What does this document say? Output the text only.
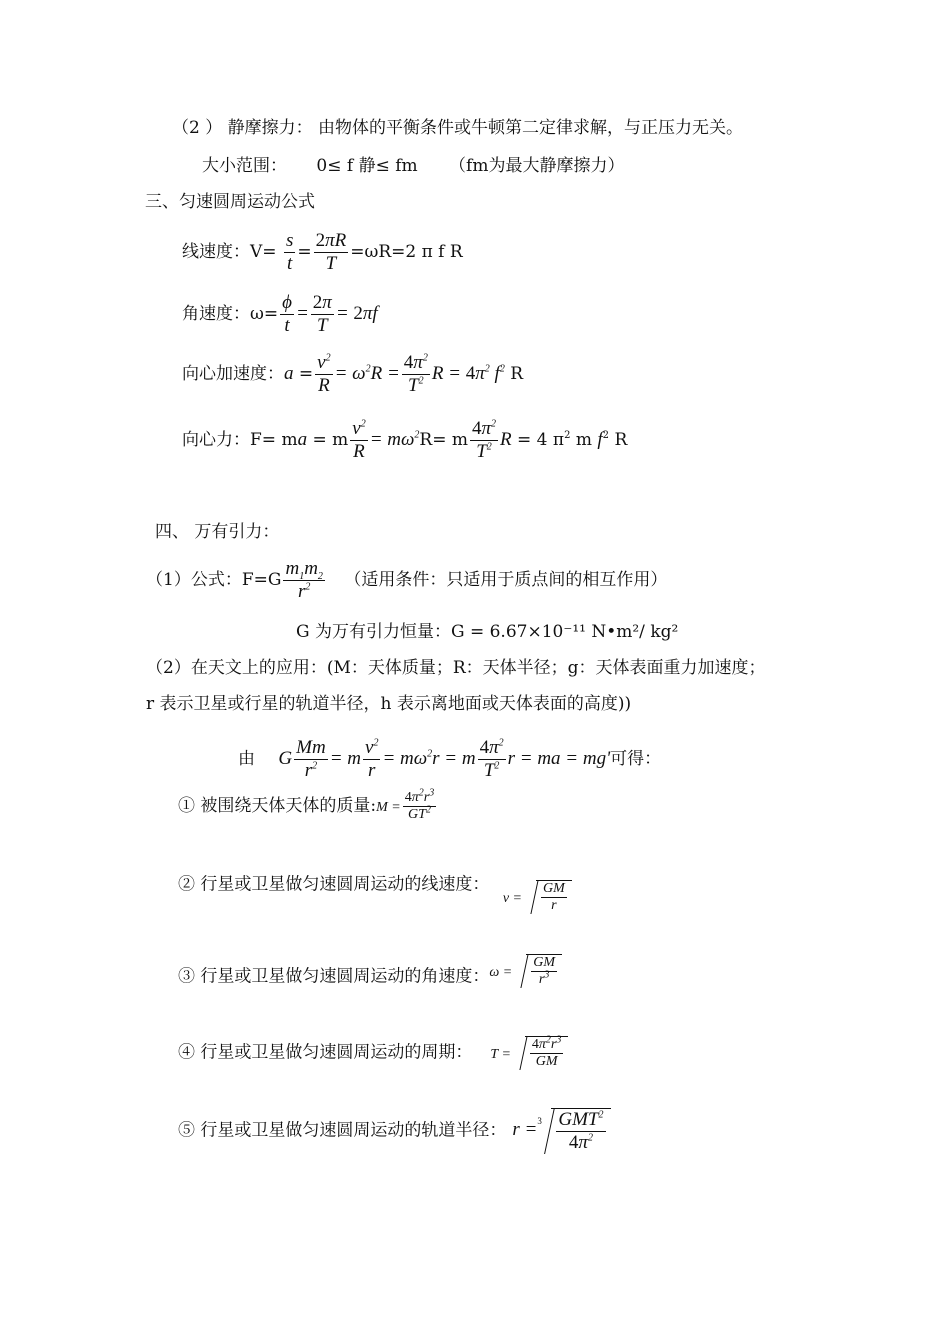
（2 ） 静摩擦力： 由物体的平衡条件或牛顿第二定律求解，与正压力无关。
大小范围： 0≤ f 静≤ fm （fm为最大静摩擦力）
三、匀速圆周运动公式
线速度：$V= \frac{s}{t} = \frac{2\pi R}{T} =\omega R=2$ π f R
角速度：$\omega= \frac{\phi}{t} = \frac{2\pi}{T} = 2\pi f$
向心加速度：$a = \frac{v^2}{R} = \omega^2R = \frac{4\pi^2}{T^2}$ $R = 4\pi^2$ $f^2$ R
向心力：F= ma = m $\frac{v^2}{R} = m\omega^2R= m \frac{4\pi^2}{T^2}$ R = 4 $\pi^2$ m $f^2$ R
四、 万有引力：
（1）公式：$F=G \frac{m_1m_2}{r^2}$ （适用条件：只适用于质点间的相互作用）
G 为万有引力恒量：G = 6.67×10⁻¹¹ N•m²/ kg²
（2）在天文上的应用：(M：天体质量；R：天体半径；g：天体表面重力加速度；
r 表示卫星或行星的轨道半径，h 表示离地面或天体表面的高度))
由 G $\frac{Mm}{r^2} = m \frac{v^2}{r} = m\omega^2r = m \frac{4\pi^2}{T^2}$ r = ma = mg'可得：
① 被围绕天体天体的质量:M = $\frac{4\pi^2r^3}{GT^2}$
② 行星或卫星做匀速圆周运动的线速度： $_{v =} \frac{GM}{r}$
③ 行星或卫星做匀速圆周运动的角速度：$^{\omega =} \frac{GM}{r^3}$
④ 行星或卫星做匀速圆周运动的周期： $T = \frac{4\pi^2r^3}{GM}$
⑤ 行星或卫星做匀速圆周运动的轨道半径： r = 3 GMT$^2$
$4\pi^2$
